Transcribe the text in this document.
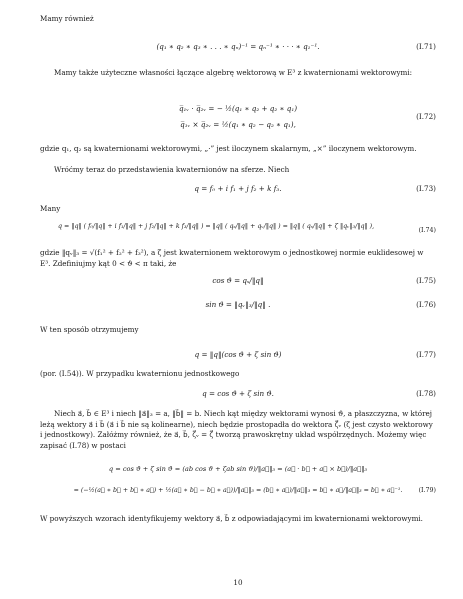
Mamy również
(q₁ ∗ q₂ ∗ q₃ ∗ . . . ∗ qₙ)⁻¹ = qₙ⁻¹ ∗ · · · ∗ q₁⁻¹.	(I.71)
Mamy także użyteczne własności łączące algebrę wektorową w E³ z kwaternionami wektorowymi:
q̅₁ᵥ · q̅₂ᵥ = − ½(q₁ ∗ q₂ + q₂ ∗ q₁)
q̅₁ᵥ × q̅₂ᵥ = ½(q₁ ∗ q₂ − q₂ ∗ q₁),
(I.72)
gdzie q₁, q₂ są kwaternionami wektorowymi, „·” jest iloczynem skalarnym, „×” iloczynem wektorowym.
Wróćmy teraz do przedstawienia kwaternionów na sferze. Niech
q = f₀ + i f₁ + j f₂ + k f₃.	(I.73)
Many
q = ‖q‖ ( f₀/‖q‖ + i f₁/‖q‖ + j f₂/‖q‖ + k f₃/‖q‖ ) = ‖q‖ ( qₛ/‖q‖ + qᵥ/‖q‖ ) = ‖q‖ ( qₛ/‖q‖ + ζ ‖qᵥ‖₃/‖q‖ ),
(I.74)
gdzie ‖qᵥ‖₃ = √(f₁² + f₂² + f₃²), a ζ jest kwaternionem wektorowym o jednostkowej normie euklidesowej w E³. Zdefiniujmy kąt 0 < ϑ < π taki, że
cos ϑ = qₛ/‖q‖	(I.75)
sin ϑ = ‖qᵥ‖₃/‖q‖ .	(I.76)
W ten sposób otrzymujemy
q = ‖q‖(cos ϑ + ζ sin ϑ)	(I.77)
(por. (I.54)). W przypadku kwaternionu jednostkowego
q = cos ϑ + ζ sin ϑ.	(I.78)
Niech a⃗, b⃗ ∈ E³ i niech ‖a⃗‖₃ = a, ‖b⃗‖ = b. Niech kąt między wektorami wynosi ϑ, a płaszczyzna, w której leżą wektory a⃗ i b⃗ (a⃗ i b⃗ nie są kolinearne), niech będzie prostopadła do wektora ζ⃗ᵥ (ζ jest czysto wektorowy i jednostkowy). Załóżmy również, że a⃗, b⃗, ζ⃗ᵥ = ζ⃗ tworzą prawoskrętny układ współrzędnych. Możemy więc zapisać (I.78) w postaci
q = cos ϑ + ζ sin ϑ = (ab cos ϑ + ζab sin ϑ)/‖a⃗‖₃ = (a⃗ · b⃗ + a⃗ × b⃗)/‖a⃗‖₃
= (−½(a⃗ ∗ b⃗ + b⃗ ∗ a⃗) + ½(a⃗ ∗ b⃗ − b⃗ ∗ a⃗))/‖a⃗‖₃ = (b⃗ ∗ a⃗)/‖a⃗‖₃ = b⃗ ∗ a⃗/‖a⃗‖₃ = b⃗ ∗ a⃗⁻¹.	(I.79)
W powyższych wzorach identyfikujemy wektory a⃗, b⃗ z odpowiadającymi im kwaternionami wektorowymi.
10
